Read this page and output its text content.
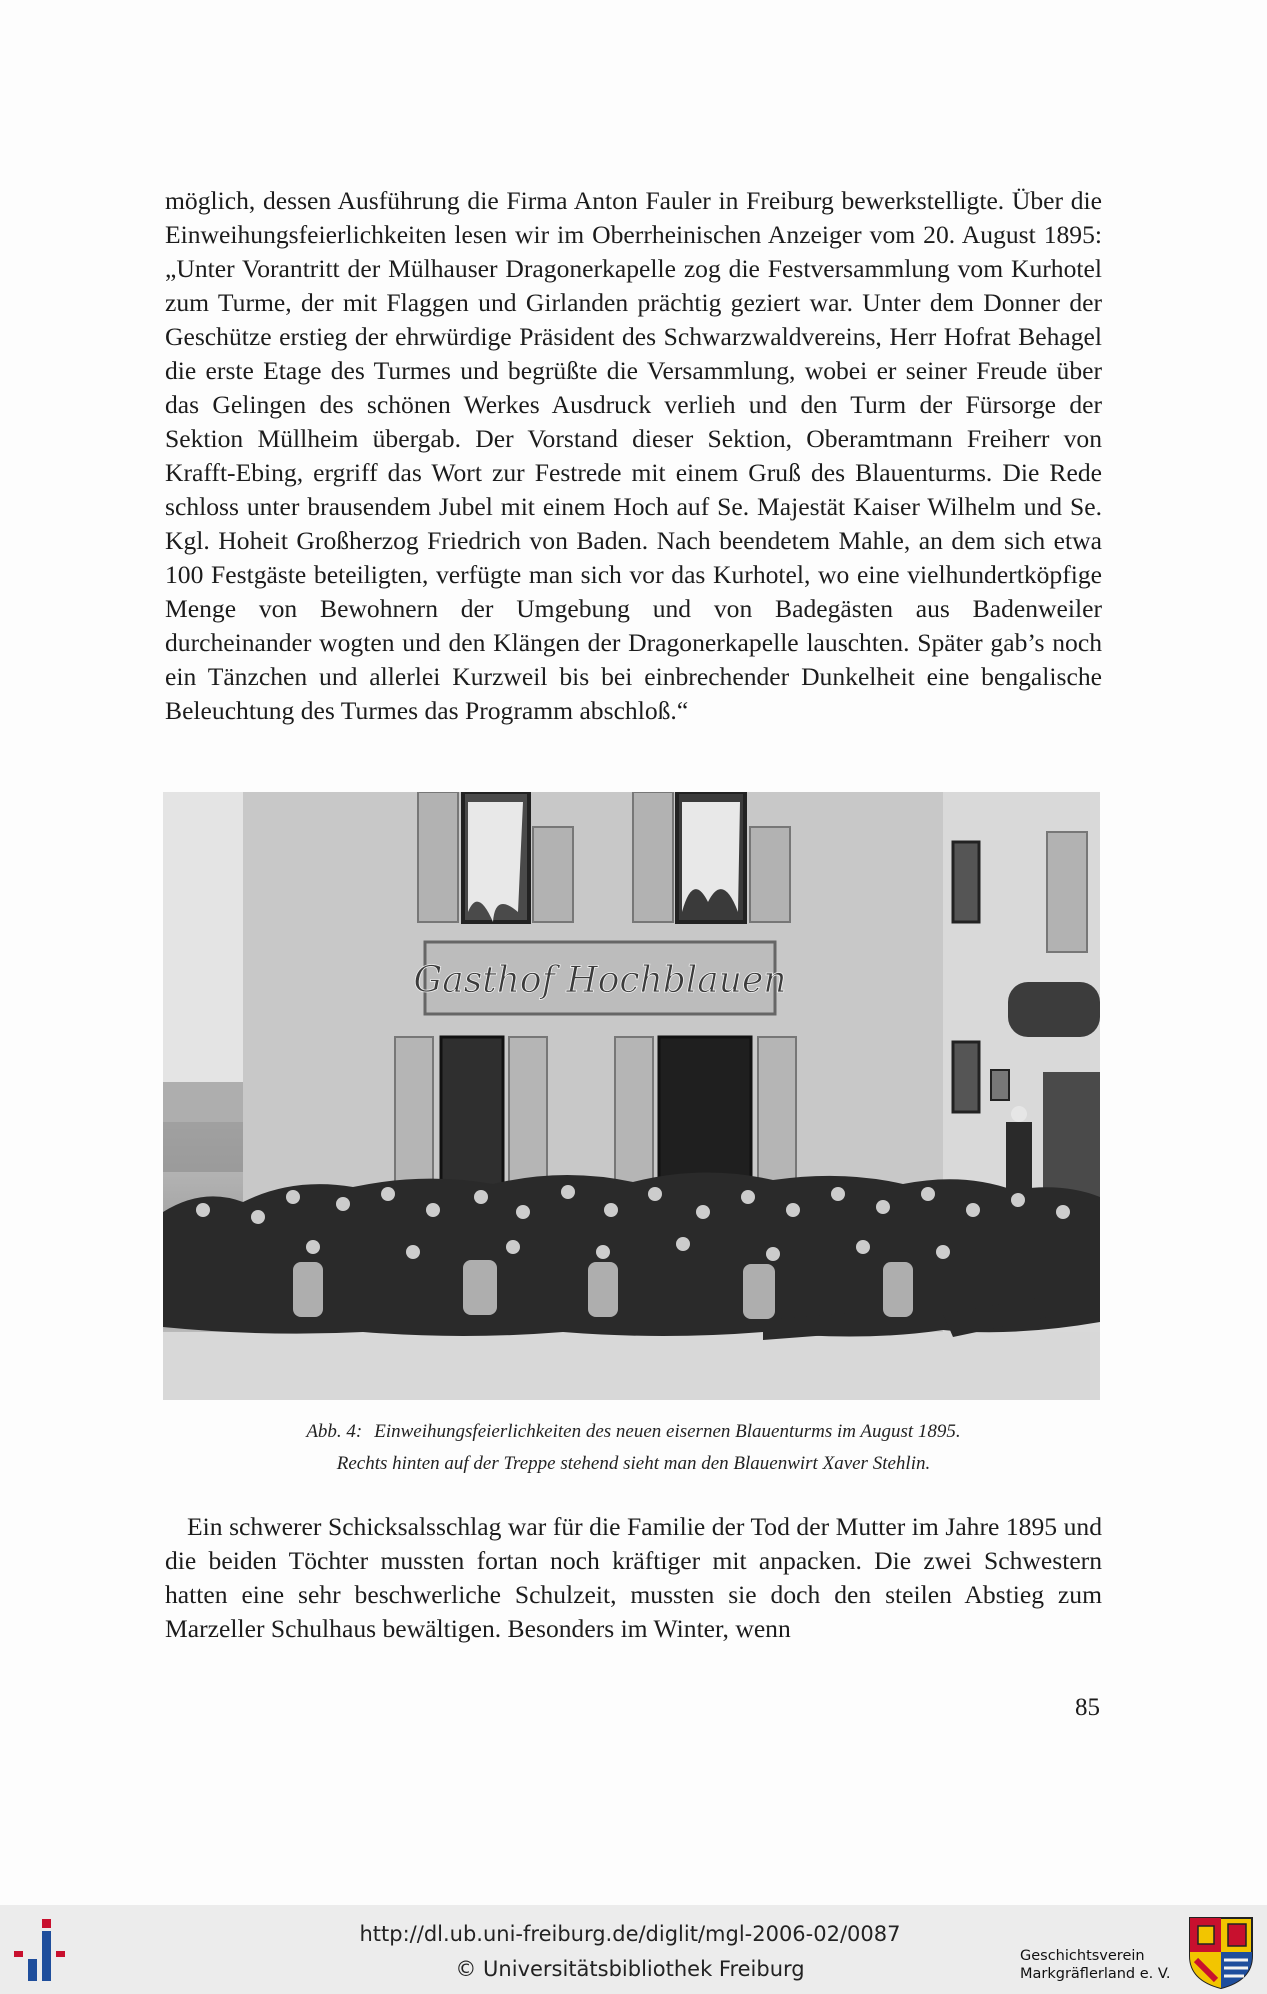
möglich, dessen Ausführung die Firma Anton Fauler in Freiburg bewerkstelligte. Über die Einweihungsfeierlichkeiten lesen wir im Oberrheinischen Anzeiger vom 20. August 1895: „Unter Vorantritt der Mülhauser Dragonerkapelle zog die Festversammlung vom Kurhotel zum Turme, der mit Flaggen und Girlanden prächtig geziert war. Unter dem Donner der Geschütze erstieg der ehrwürdige Präsident des Schwarzwaldvereins, Herr Hofrat Behagel die erste Etage des Turmes und begrüßte die Versammlung, wobei er seiner Freude über das Gelingen des schönen Werkes Ausdruck verlieh und den Turm der Fürsorge der Sektion Müllheim übergab. Der Vorstand dieser Sektion, Oberamtmann Freiherr von Krafft-Ebing, ergriff das Wort zur Festrede mit einem Gruß des Blauenturms. Die Rede schloss unter brausendem Jubel mit einem Hoch auf Se. Majestät Kaiser Wilhelm und Se. Kgl. Hoheit Großherzog Friedrich von Baden. Nach beendetem Mahle, an dem sich etwa 100 Festgäste beteiligten, verfügte man sich vor das Kurhotel, wo eine vielhundertköpfige Menge von Bewohnern der Umgebung und von Badegästen aus Badenweiler durcheinander wogten und den Klängen der Dragonerkapelle lauschten. Später gab’s noch ein Tänzchen und allerlei Kurzweil bis bei einbrechender Dunkelheit eine bengalische Beleuchtung des Turmes das Programm abschloß.“

Gasthof Hochblauen
Abb. 4: Einweihungsfeierlichkeiten des neuen eisernen Blauenturms im August 1895.
Rechts hinten auf der Treppe stehend sieht man den Blauenwirt Xaver Stehlin.

Ein schwerer Schicksalsschlag war für die Familie der Tod der Mutter im Jahre 1895 und die beiden Töchter mussten fortan noch kräftiger mit anpacken. Die zwei Schwestern hatten eine sehr beschwerliche Schulzeit, mussten sie doch den steilen Abstieg zum Marzeller Schulhaus bewältigen. Besonders im Winter, wenn

85
http://dl.ub.uni-freiburg.de/diglit/mgl-2006-02/0087
© Universitätsbibliothek Freiburg
Geschichtsverein
Markgräflerland e. V.
